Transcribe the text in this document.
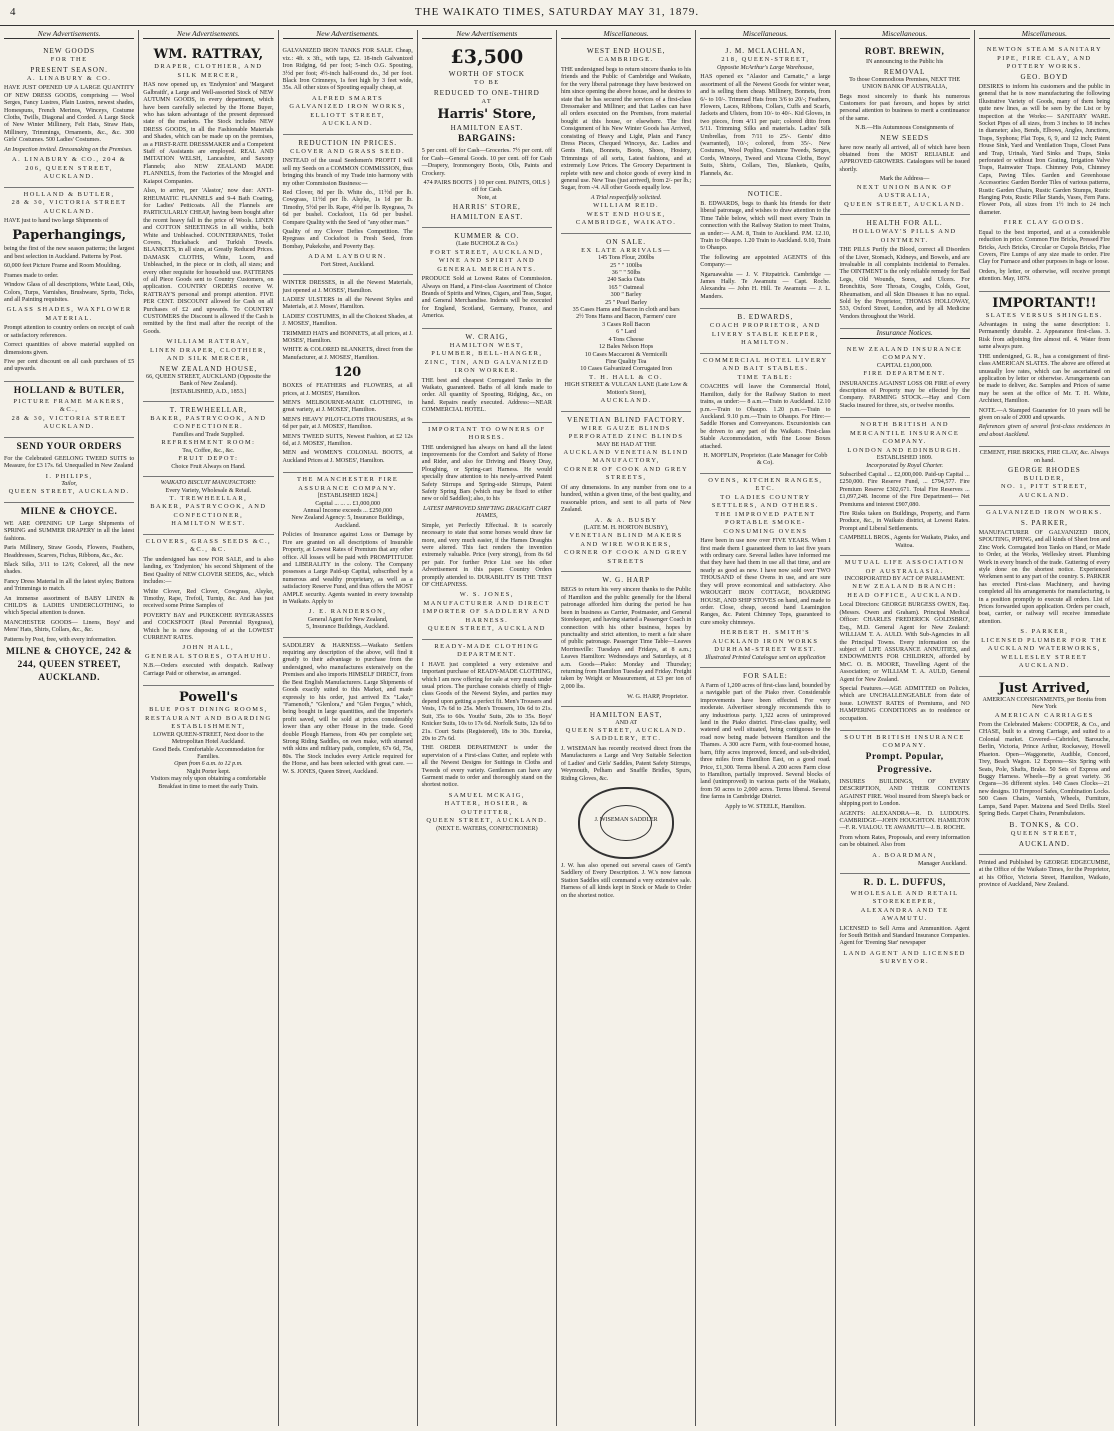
4	THE WAIKATO TIMES, SATURDAY MAY 31, 1879.
New Advertisements.
NEW GOODS
FOR THE
PRESENT SEASON.
A. LINABURY & CO.

HAVE JUST OPENED UP A LARGE QUANTITY OF NEW DRESS GOODS, comprising — Wool Serges, Fancy Lustres, Plain Lustres, newest shades, Homespuns, French Merinos, Winceys, Costume Cloths, Twills, Diagonal and Corded. A Large Stock of New Winter Millinery, Felt Hats, Straw Hats, Millinery, Trimmings, Ornaments, &c., &c. 300 Girls' Costumes. 500 Ladies' Costumes.

An Inspection invited. Dressmaking on the Premises.

A. LINABURY & CO., 204 & 206, QUEEN STREET, AUCKLAND.
HOLLAND & BUTLER,
28 & 30, VICTORIA STREET AUCKLAND.

HAVE just to hand two large Shipments of

Paperhangings,

being the first of the new season patterns; the largest and best selection in Auckland. Patterns by Post.

60,000 feet Picture Frame and Room Moulding.

Frames made to order.

Window Glass of all descriptions, White Lead, Oils, Colors, Turps, Varnishes, Brushware, Sprits, Ticks, and all Painting requisites.

GLASS SHADES, WAXFLOWER MATERIAL.

Prompt attention to country orders on receipt of cash or satisfactory references.

Correct quantities of above material supplied on dimensions given.

Five per cent discount on all cash purchases of £5 and upwards.

HOLLAND & BUTLER,
PICTURE FRAME MAKERS, &C.,
28 & 30, VICTORIA STREET AUCKLAND.
SEND YOUR ORDERS

For the Celebrated GEELONG TWEED SUITS to Measure, for £3 17s. 6d. Unequalled in New Zealand

I. PHILIPS,
Tailor,
QUEEN STREET, AUCKLAND.
MILNE & CHOYCE.

WE ARE OPENING UP Large Shipments of SPRING and SUMMER DRAPERY in all the latest fashions.

Paris Millinery, Straw Goods, Flowers, Feathers, Headdresses, Scarves, Fichus, Ribbons, &c., &c.

Black Silks, 3/11 to 12/6; Colored, all the new shades.

Fancy Dress Material in all the latest styles; Buttons and Trimmings to match.

An immense assortment of BABY LINEN & CHILD'S & LADIES UNDERCLOTHING, to which Special attention is drawn.

MANCHESTER GOODS— Linens, Boys' and Mens' Hats, Shirts, Collars, &c., &c.

Patterns by Post, free, with every information.

MILNE & CHOYCE, 242 & 244, QUEEN STREET, AUCKLAND.
New Advertisements.
WM. RATTRAY,
DRAPER, CLOTHIER, AND SILK MERCER,

HAS now opened up, ex 'Endymion' and 'Margaret Galbraith', a Large and Well-assorted Stock of NEW AUTUMN GOODS, in every department, which have been carefully selected by the Home Buyer, who has taken advantage of the present depressed state of the markets. The Stock includes NEW DRESS GOODS, in all the Fashionable Materials and Shades, which can be made up on the premises, as a FIRST-RATE DRESSMAKER and a Competent Staff of Assistants are employed. REAL AND IMITATION WELSH, Lancashire, and Saxony Flannels; also NEW ZEALAND MADE FLANNELS, from the Factories of the Mosgiel and Kaiapoi Companies.

Also, to arrive, per 'Alastor,' now due: ANTI-RHEUMATIC FLANNELS and 9-4 Bath Coating, for Ladies' Petticoats. All the Flannels are PARTICULARLY CHEAP, having been bought after the recent heavy fall in the price of Wools. LINEN and COTTON SHEETINGS in all widths, both White and Unbleached. COUNTERPANES, Toilet Covers, Huckaback and Turkish Towels. BLANKETS, in all sizes, at Greatly Reduced Prices. DAMASK CLOTHS, White, Loom, and Unbleached, in the piece or in cloth, all sizes; and every other requisite for household use. PATTERNS of all Piece Goods sent to Country Customers, on application. COUNTRY ORDERS receive W. RATTRAY'S personal and prompt attention. FIVE PER CENT. DISCOUNT allowed for Cash on all Purchases of £2 and upwards. To COUNTRY CUSTOMERS the Discount is allowed if the Cash is remitted by the first mail after the receipt of the Goods.

WILLIAM RATTRAY,
LINEN DRAPER, CLOTHIER, AND SILK MERCER,
NEW ZEALAND HOUSE,
66, QUEEN STREET, AUCKLAND (Opposite the Bank of New Zealand).
[ESTABLISHED, A.D., 1853.]
T. TREWHEELLAR,
BAKER, PASTRYCOOK, AND CONFECTIONER.
Families and Trade Supplied.
REFRESHMENT ROOM:
Tea, Coffee, &c., &c.
FRUIT DEPOT:
Choice Fruit Always on Hand.
WAIKATO BISCUIT MANUFACTORY:
Every Variety, Wholesale & Retail.
T. TREWHEELLAR,
BAKER, PASTRYCOOK, AND CONFECTIONER,
HAMILTON WEST.
CLOVERS, GRASS SEEDS &C., &C., &C.

The undersigned has now FOR SALE, and is also landing, ex 'Endymion,' his second Shipment of the Best Quality of NEW CLOVER SEEDS, &c., which includes:—

White Clover, Red Clover, Cowgrass, Alsyke, Timothy, Rape, Trefoil, Turnip, &c. And has just received some Prime Samples of

POVERTY BAY and PUKEKOHE RYEGRASSES and COCKSFOOT (Real Perennial Ryegrass), Which he is now disposing of at the LOWEST CURRENT RATES.

JOHN HALL,
GENERAL STORES, OTAHUHU.

N.B.—Orders executed with despatch. Railway Carriage Paid or otherwise, as arranged.

Powell's
BLUE POST DINING ROOMS, RESTAURANT AND BOARDING ESTABLISHMENT,
LOWER QUEEN-STREET, Next door to the Metropolitan Hotel Auckland.
Good Beds. Comfortable Accommodation for Families.
Open from 6 a.m. to 12 p.m.
Night Porter kept.
Visitors may rely upon obtaining a comfortable Breakfast in time to meet the early Train.
New Advertisements.

GALVANIZED IRON TANKS FOR SALE. Cheap, viz.: 4ft. x 3ft., with taps, £2. 18-inch Galvanized Iron Ridging, 6d per foot; 5-inch O.G. Spouting, 3½d per foot; 4½-inch half-round do., 3d per foot. Black Iron Crimneys, 1s feet high by 3 feet wide, 35s. All other sizes of Spouting equally cheap, at

ALFRED SMARTS
GALVANIZED IRON WORKS, ELLIOTT STREET,
AUCKLAND.
REDUCTION IN PRICES.
CLOVER AND GRASS SEED.

INSTEAD of the usual Seedsmen's PROFIT I will sell my Seeds on a COMMON COMMISSION, thus bringing this branch of my Trade into harmony with my other Commission Business:—

Red Clover, 8d per lb. White do., 11½d per lb. Cowgrass, 11½d per lb. Alsyke, 1s 1d per lb. Timothy, 5½d per lb. Rape, 4½d per lb. Ryegrass, 7s 6d per bushel. Cocksfoot, 11s 6d per bushel. Compare Quality with the Seed of "any other man."

Quality of my Clover Defies Competition. The Ryegrass and Cocksfoot is Fresh Seed, from Bombay, Pukekohe, and Poverty Bay.

ADAM LAYBOURN.
Fort Street, Auckland.

WINTER DRESSES, in all the Newest Materials, just opened at J. MOSES', Hamilton.

LADIES' ULSTERS in all the Newest Styles and Materials, at J. Moses', Hamilton.

LADIES' COSTUMES, in all the Choicest Shades, at J. MOSES', Hamilton.

TRIMMED HATS and BONNETS, at all prices, at J. MOSES', Hamilton.

WHITE & COLORED BLANKETS, direct from the Manufacturer, at J. MOSES', Hamilton.

120

BOXES of FEATHERS and FLOWERS, at all prices, at J. MOSES', Hamilton.

MEN'S MELBOURNE-MADE CLOTHING, in great variety, at J. MOSES', Hamilton.

MEN'S HEAVY PILOT-CLOTH TROUSERS, at 9s 6d per pair, at J. MOSES', Hamilton.

MEN'S TWEED SUITS, Newest Fashion, at £2 12s 6d, at J. MOSES', Hamilton.

MEN and WOMEN'S COLONIAL BOOTS, at Auckland Prices at J. MOSES', Hamilton.

THE MANCHESTER FIRE ASSURANCE COMPANY.
[ESTABLISHED 1824.]
Capital ... ... ... £1,000,000
Annual Income exceeds ... £250,000
New Zealand Agency: 5, Insurance Buildings, Auckland.

Policies of Insurance against Loss or Damage by Fire are granted on all descriptions of Insurable Property, at Lowest Rates of Premium that any other office. All losses will be paid with PROMPTITUDE and LIBERALITY in the colony. The Company possesses a Large Paid-up Capital, subscribed by a numerous and wealthy proprietary, as well as a satisfactory Reserve Fund, and thus offers the MOST AMPLE security. Agents wanted in every township in Waikato. Apply to

J. E. RANDERSON,
General Agent for New Zealand,
5, Insurance Buildings, Auckland.

SADDLERY & HARNESS.—Waikato Settlers requiring any description of the above, will find it greatly to their advantage to purchase from the undersigned, who manufactures extensively on the Premises and also imports HIMSELF DIRECT, from the Best English Manufacturers. Large Shipments of Goods exactly suited to this Market, and made expressly to his order, just arrived Ex "Lake," "Famenoth," "Glenlora," and "Glen Fergus," which, being bought in large quantities, and the Importer's profit saved, will be sold at prices considerably lower than any other House in the trade. Good double Plough Harness, from 40s per complete set; Strong Riding Saddles, on own make, with stramed with skins and military pads, complete, 67s 6d, 75s, 80s. The Stock includes every Article required for the Horse, and has been selected with great care. — W. S. JONES, Queen Street, Auckland.

New Advertisements
£3,500
WORTH OF STOCK
TO BE
REDUCED TO ONE-THIRD
AT
Harris' Store,
HAMILTON EAST.
BARGAINS:

5 per cent. off for Cash—Groceries. 7½ per cent. off for Cash—General Goods. 10 per cent. off for Cash—Drapery, Ironmongery Boots, Oils, Paints and Crockery.

474 PAIRS BOOTS } 10 per cent. PAINTS, OILS } off for Cash.
Note, at
HARRIS' STORE,
HAMILTON EAST.
KUMMER & CO.
(Late BUCHOLZ & Co.)
FORT STREET, AUCKLAND,
WINE AND SPIRIT AND GENERAL MERCHANTS.

PRODUCE Sold at Lowest Rates of Commission. Always on Hand, a First-class Assortment of Choice Brands of Spirits and Wines, Cigars, and Teas, Sugar, and General Merchandise. Indents will be executed for England, Scotland, Germany, France, and America.

W. CRAIG,
HAMILTON WEST,
PLUMBER, BELL-HANGER, ZINC, TIN, AND GALVANIZED IRON WORKER.

THE best and cheapest Corrugated Tanks in the Waikato, guaranteed. Baths of all kinds made to order. All quantity of Spouting, Ridging, &c., on hand. Repairs neatly executed. Address:—NEAR COMMERCIAL HOTEL.

IMPORTANT TO OWNERS OF HORSES.

THE undersigned has always on hand all the latest improvements for the Comfort and Safety of Horse and Rider, and also for Driving and Heavy Dray, Ploughing, or Spring-cart Harness. He would specially draw attention to his newly-arrived Patent Safety Stirrups and Spring-side Stirrups, Patent Safety Spring Bars (which may be fixed to either new or old Saddles); also, to his

LATEST IMPROVED SHIFTING DRAUGHT CART HAMES,

Simple, yet Perfectly Effectual. It is scarcely necessary to state that some horses would draw far more, and very much easier, if the Hames Draughts were altered. This fact renders the invention extremely valuable. Price (very strong), from 8s 6d per pair. For further Price List see his other Advertisement in this paper. Country Orders promptly attended to. DURABILITY IS THE TEST OF CHEAPNESS.

W. S. JONES,
MANUFACTURER AND DIRECT IMPORTER OF SADDLERY AND HARNESS.
QUEEN STREET, AUCKLAND
READY-MADE CLOTHING DEPARTMENT.

I HAVE just completed a very extensive and important purchase of READY-MADE CLOTHING, which I am now offering for sale at very much under usual prices. The purchase consists chiefly of High-class Goods of the Newest Styles, and parties may depend upon getting a perfect fit. Men's Trousers and Vests, 17s 6d to 25s. Men's Trousers, 10s 6d to 21s. Suit, 35s to 60s. Youths' Suits, 20s to 35s. Boys' Knicker Suits, 10s to 17s 6d. Norfolk Suits, 12s 6d to 21s. Court Suits (Registered), 18s to 30s. Eureka, 20s to 27s 6d.

THE ORDER DEPARTMENT is under the supervision of a First-class Cutter, and replete with all the Newest Designs for Suitings in Cloths and Tweeds of every variety. Gentlemen can have any Garment made to order and thoroughly stand on the shortest notice.

SAMUEL MCKAIG,
HATTER, HOSIER, & OUTFITTER,
QUEEN STREET, AUCKLAND.
(NEXT E. WATERS, CONFECTIONER)
Miscellaneous.
WEST END HOUSE,
CAMBRIDGE.

THE undersigned begs to return sincere thanks to his friends and the Public of Cambridge and Waikato, for the very liberal patronage they have bestowed on him since opening the above house, and he desires to state that he has secured the services of a first-class Dressmaker and Milliner; and that Ladies can have all orders executed on the Premises, from material bought at this house, or elsewhere. The first Consignment of his New Winter Goods has Arrived, consisting of Heavy and Light, Plain and Fancy Dress Pieces, Chequed Winceys, &c. Ladies and Gents Hats, Bonnets, Boots, Shoes, Hosiery, Trimmings of all sorts, Latest fashions, and at extremely Low Prices. The Grocery Department is replete with new and choice goods of every kind in general use. New Teas (just arrived), from 2/- per lb.; Sugar, from -/4. All other Goods equally low.

A Trial respectfully solicited.
WILLIAM REID.
WEST END HOUSE, CAMBRIDGE, WAIKATO.
ON SALE.
EX LATE ARRIVALS—
145 Tons Flour, 200lbs
25 " " 100lbs
36 " " 50lbs
240 Sacks Oats
165 " Oatmeal
300 " Barley
25 " Pearl Barley
35 Cases Hams and Bacon in cloth and bars
2½ Tons Hams and Bacon, Farmers' cure
3 Cases Roll Bacon
6 " Lard
4 Tons Cheese
12 Bales Nelson Hops
10 Cases Maccaroni & Vermicelli
Fine Quality Tea
10 Cases Galvanized Corrugated Iron
T. H. HALL & CO.
HIGH STREET & VULCAN LANE (Late Low & Motion's Store),
AUCKLAND.
VENETIAN BLIND FACTORY.
WIRE GAUZE BLINDS PERFORATED ZINC BLINDS
MAY BE HAD AT THE
AUCKLAND VENETIAN BLIND MANUFACTORY,
CORNER OF COOK AND GREY STREETS,

Of any dimensions. In any number from one to a hundred, within a given time, of the best quality, and reasonable prices, and sent to all parts of New Zealand.

A. & A. BUSBY
(LATE M. H. HORTON BUSBY),
VENETIAN BLIND MAKERS AND WIRE WORKERS,
CORNER OF COOK AND GREY STREETS
W. G. HARP

BEGS to return his very sincere thanks to the Public of Hamilton and the public generally for the liberal patronage afforded him during the period he has been in business as Carrier, Postmaster, and General Storekeeper, and having started a Passenger Coach in connection with his other business, hopes by punctuality and strict attention, to merit a fair share of public patronage. Passenger Time Table—Leaves Morrinsville: Tuesdays and Fridays, at 8 a.m.; Leaves Hamilton: Wednesdays and Saturdays, at 8 a.m. Goods—Piako: Monday and Thursday; returning from Hamilton Tuesday and Friday. Freight taken by Weight or Measurement, at £3 per ton of 2,000 lbs.

W. G. HARP, Proprietor.
HAMILTON EAST,
AND AT
QUEEN STREET, AUCKLAND.
SADDLERY, ETC.

J. WISEMAN has recently received direct from the Manufacturers a Large and Very Suitable Selection of Ladies' and Girls' Saddles, Patent Safety Stirrups, Weymouth, Pelham and Snaffle Bridles, Spurs, Riding Gloves, &c.

J. WISEMAN SADDLER

J. W. has also opened out several cases of Gent's Saddlery of Every Description. J. W.'s now famous Station Saddles still command a very extensive sale. Harness of all kinds kept in Stock or Made to Order on the shortest notice.

Miscellaneous.
J. M. MCLACHLAN,
218, QUEEN-STREET,
Opposite McArthur's Large Warehouse,

HAS opened ex "Alastor and Carnatic," a large assortment of all the Newest Goods for winter wear, and is selling them cheap. Millinery, Bonnets, from 6/- to 10/-. Trimmed Hats from 3/6 to 20/-; Feathers, Flowers, Laces, Ribbons, Collars, Cuffs and Scarfs, Jackets and Ulsters, from 10/- to 40/-. Kid Gloves, in two pieces, from 4/11 per pair; colored ditto from 5/11. Trimming Silks and materials. Ladies' Silk Umbrellas, from 7/11 to 25/-. Gents' ditto (warranted), 10/-; colored, from 35/-. New Costumes, Wool Poplins, Costume Tweeds, Serges, Cords, Winceys, Tweed and Vicuna Cloths, Boys' Suits, Shirts, Collars, Ties, Blankets, Quilts, Flannels, &c.

NOTICE.

B. EDWARDS, begs to thank his friends for their liberal patronage, and wishes to draw attention to the Time Table below, which will meet every Train in connection with the Railway Station to meet Trains, as under:— A.M. 8, Train to Auckland. P.M. 12.10, Train to Ohaupo. 1.20 Train to Auckland. 9.10, Train to Ohaupo.

The following are appointed AGENTS of this Company:—

Ngaruawahia — J. V. Fitzpatrick. Cambridge — James Hally. Te Awamutu — Capt. Roche. Alexandra — John H. Hill. Te Awamutu — J. L. Manders.

B. EDWARDS,
COACH PROPRIETOR, AND LIVERY STABLE KEEPER, HAMILTON.
COMMERCIAL HOTEL LIVERY AND BAIT STABLES.
TIME TABLE:

COACHES will leave the Commercial Hotel, Hamilton, daily for the Railway Station to meet trains, as under:— 8 a.m.—Train to Auckland. 12.10 p.m.—Train to Ohaupo. 1.20 p.m.—Train to Auckland. 9.10 p.m.—Train to Ohaupo. For Hire:—Saddle Horses and Conveyances. Excursionists can be driven to any part of the Waikato. First-class Stable Accommodation, with fine Loose Boxes attached.

H. MOFFLIN, Proprietor. (Late Manager for Cobb & Co).
OVENS, KITCHEN RANGES, ETC.
TO LADIES COUNTRY SETTLERS, AND OTHERS.
THE IMPROVED PATENT PORTABLE SMOKE-CONSUMING OVENS

Have been in use now over FIVE YEARS. When I first made them I guaranteed them to last five years with ordinary care. Several ladies have informed me that they have had them in use all that time, and are nearly as good as new. I have now sold over TWO THOUSAND of these Ovens in use, and are sure they will prove economical and satisfactory. Also WROUGHT IRON COTTAGE, BOARDING HOUSE, AND SHIP STOVES on hand, and made to order. Close, cheap, second hand Leamington Ranges, &c. Patent Chimney Tops, guaranteed to cure smoky chimneys.

HERBERT H. SMITH'S
AUCKLAND IRON WORKS
DURHAM-STREET WEST.
Illustrated Printed Catalogue sent on application
FOR SALE:

A Farm of 1,200 acres of first-class land, bounded by a navigable part of the Piako river. Considerable improvements have been effected. For very moderate. Advertiser strongly recommends this to any industrious party. 1,322 acres of unimproved land in the Piako district. First-class quality, well watered and well situated, being contiguous to the road now being made between Hamilton and the Thames. A 300 acre Farm, with four-roomed house, barn, fifty acres improved, fenced, and sub-divided, three miles from Hamilton East, on a good road. Price, £1,300. Terms liberal. A 200 acres Farm close to Hamilton, partially improved. Several blocks of land (unimproved) in various parts of the Waikato, from 50 acres to 2,000 acres. Terms liberal. Several fine farms in Cambridge District.

Apply to W. STEELE, Hamilton.
Miscellaneous.
ROBT. BREWIN,
IN announcing to the Public his
REMOVAL
To those Commodious Premises, NEXT THE UNION BANK OF AUSTRALIA,

Begs most sincerely to thank his numerous Customers for past favours, and hopes by strict personal attention to business to merit a continuance of the same.

N.B.—His Autumnous Consignments of
NEW SEEDS

have now nearly all arrived, all of which have been obtained from the MOST RELIABLE and APPROVED GROWERS. Catalogues will be issued shortly.

Mark the Address—
NEXT UNION BANK OF AUSTRALIA,
QUEEN STREET, AUCKLAND.
HEALTH FOR ALL.
HOLLOWAY'S PILLS AND OINTMENT.

THE PILLS Purify the Blood, correct all Disorders of the Liver, Stomach, Kidneys, and Bowels, and are invaluable in all complaints incidental to Females. The OINTMENT is the only reliable remedy for Bad Legs, Old Wounds, Sores, and Ulcers. For Bronchitis, Sore Throats, Coughs, Colds, Gout, Rheumatism, and all Skin Diseases it has no equal. Sold by the Proprietor, THOMAS HOLLOWAY, 533, Oxford Street, London, and by all Medicine Vendors throughout the World.

Insurance Notices.
NEW ZEALAND INSURANCE COMPANY.
CAPITAL £1,000,000.
FIRE DEPARTMENT.

INSURANCES AGAINST LOSS OR FIRE of every description of Property may be effected by the Company. FARMING STOCK.—Hay and Corn Stacks insured for three, six, or twelve months.

NORTH BRITISH AND MERCANTILE INSURANCE COMPANY.
LONDON AND EDINBURGH.
ESTABLISHED 1809.
Incorporated by Royal Charter.

Subscribed Capital ... £2,000,000. Paid-up Capital ... £250,000. Fire Reserve Fund, ... £794,577. Fire Premium Reserve £302,671. Total Fire Reserves ... £1,097,248. Income of the Fire Department— Net Premiums and interest £907,080.

Fire Risks taken on Buildings, Property, and Farm Produce, &c., in Waikato district, at Lowest Rates. Prompt and Liberal Settlements.

CAMPBELL BROS., Agents for Waikato, Piako, and Waitoa.
MUTUAL LIFE ASSOCIATION OF AUSTRALASIA.
INCORPORATED BY ACT OF PARLIAMENT.
NEW ZEALAND BRANCH: HEAD OFFICE, AUCKLAND.

Local Directors: GEORGE BURGESS OWEN, Esq. (Messrs. Owen and Graham). Principal Medical Officer: CHARLES FREDERICK GOLDSBRO', Esq., M.D. General Agent for New Zealand: WILLIAM T. A. AULD. With Sub-Agencies in all the Principal Towns. Every information on the subject of LIFE ASSURANCE ANNUITIES, and ENDOWMENTS FOR CHILDREN, afforded by MrC. O. B. MOORE, Travelling Agent of the Association; or WILLIAM T. A. AULD, General Agent for New Zealand.

Special Features.—AGE ADMITTED on Policies, which are UNCHALLENGEABLE from date of issue. LOWEST RATES of Premiums, and NO HAMPERING CONDITIONS as to residence or occupation.

SOUTH BRITISH INSURANCE COMPANY.
Prompt. Popular, Progressive.

INSURES BUILDINGS, OF EVERY DESCRIPTION, AND THEIR CONTENTS AGAINST FIRE. Wool insured from Sheep's back or shipping port to London.

AGENTS: ALEXANDRA—R. D. LUDDUFS. CAMBRIDGE—JOHN HOUGHTON. HAMILTON—F. R. VIALOU. TE AWAMUTU—J. B. ROCHE.

From whom Rates, Proposals, and every information can be obtained. Also from

A. BOARDMAN,
Manager Auckland.
R. D. L. DUFFUS,
WHOLESALE AND RETAIL STOREKEEPER,
ALEXANDRA AND TE AWAMUTU.

LICENSED to Sell Arms and Ammunition. Agent for South British and Standard Insurance Companies. Agent for 'Evening Star' newspaper

LAND AGENT AND LICENSED SURVEYOR.
Miscellaneous.
NEWTON STEAM SANITARY PIPE, FIRE CLAY, AND POTTERY WORKS.
GEO. BOYD

DESIRES to inform his customers and the public in general that he is now manufacturing the following Illustrative Variety of Goods, many of them being quite new lines, as will be seen by the List or by inspection at the Works:— SANITARY WARE. Socket Pipes of all sizes, from 3 inches to 18 inches in diameter; also, Bends, Elbows, Angles, Junctions, Traps, Syphons; Flat Tops, 6, 9, and 12 inch; Patent House Sink, Yard and Ventilation Traps, Closet Pans and Trap, Urinals, Yard Sinks and Traps, Sinks perforated or without Iron Grating, Irrigation Valve Traps, Rainwater Traps. Chimney Pots, Chimney Caps, Paving Tiles. Garden and Greenhouse Accessories: Garden Border Tiles of various patterns, Rustic Garden Chairs, Rustic Garden Stumps, Rustic Hanging Pots, Rustic Pillar Stands, Vases, Fern Pans. Flower Pots, all sizes from 1½ inch to 24 inch diameter.

FIRE CLAY GOODS.

Equal to the best imported, and at a considerable reduction in price. Common Fire Bricks, Pressed Fire Bricks, Arch Bricks, Circular or Cupola Bricks, Flue Covers, Fire Lumps of any size made to order. Fire Clay for Furnace and other purposes in bags or loose.

Orders, by letter, or otherwise, will receive prompt attention. May, 1879.

IMPORTANT!!
SLATES VERSUS SHINGLES.

Advantages in using the same description: 1. Permanently durable. 2. Appearance first-class. 3. Risk from adjoining fire almost nil. 4. Water from same always pure.

THE undersigned, G. R., has a consignment of first-class AMERICAN SLATES. The above are offered at unusually low rates, which can be ascertained on application by letter or otherwise. Arrangements can be made to deliver, &c. Samples and Prices of same may be seen at the office of Mr. T. H. White, Architect, Hamilton.

NOTE.—A Stamped Guarantee for 10 years will be given on sale of 2000 and upwards.

References given of several first-class residences in and about Auckland.

CEMENT, FIRE BRICKS, FIRE CLAY, &c. Always on hand.
GEORGE RHODES
BUILDER,
NO. 1, PITT STREET, AUCKLAND.
GALVANIZED IRON WORKS.
S. PARKER,

MANUFACTURER OF GALVANIZED IRON, SPOUTING, PIPING, and all kinds of Sheet Iron and Zinc Work. Corrugated Iron Tanks on Hand, or Made to Order, at the Works, Wellesley street. Plumbing Work in every branch of the trade. Guttering of every style done on the shortest notice. Experienced Workmen sent to any part of the country. S. PARKER has erected First-class Machinery, and having completed all his arrangements for manufacturing, is in a position promptly to execute all orders. List of Prices forwarded upon application. Orders per coach, boat, carrier, or railway will receive immediate attention.

S. PARKER,
LICENSED PLUMBER FOR THE AUCKLAND WATERWORKS,
WELLESLEY STREET
AUCKLAND.
Just Arrived,
AMERICAN CONSIGNMENTS, per Bonita from New York
AMERICAN CARRIAGES

From the Celebrated Makers: COOPER, & Co., and CHASE, built to a strong Carriage, and suited to a Colonial market. Covered—Cabriolet, Barouche, Berlin, Victoria, Prince Arthur, Rockaway, Howell Phaeton. Open—Waggonette, Audible, Concord, Trey, Beach Wagon. 12 Express—Six Spring with Seats, Pole, Shafts, Brake. 50 Sets of Express and Buggy Harness. Wheels—By a great variety. 36 Organs—36 different styles. 140 Cases Clocks—21 new designs. 10 Fireproof Safes, Combination Locks. 500 Cases Chairs, Varnish, Wheels, Furniture, Lamps, Sand Paper. Maizena and Seed Drills. Steel Spring Beds. Carpet Chairs, Perambulators.

B. TONKS, & CO.
QUEEN STREET,
AUCKLAND.

Printed and Published by GEORGE EDGECUMBE, at the Office of the Waikato Times, for the Proprietor, at his Office, Victoria Street, Hamilton, Waikato, province of Auckland, New Zealand.
